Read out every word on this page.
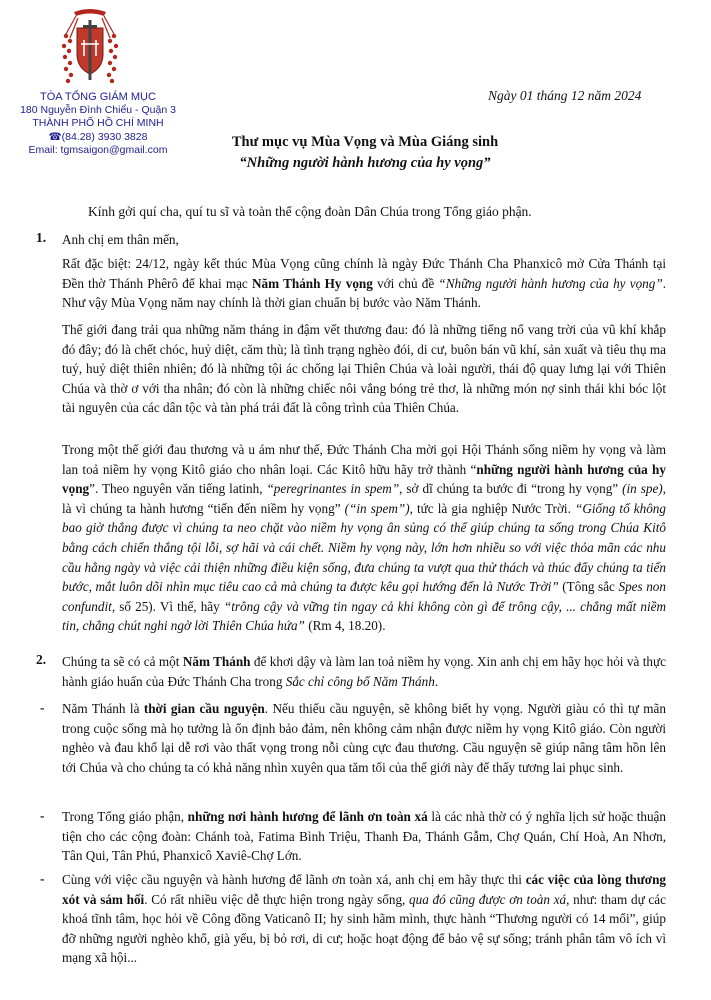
TÒA TỔNG GIÁM MỤC
180 Nguyễn Đình Chiểu - Quận 3
THÀNH PHỐ HỒ CHÍ MINH
☎(84.28) 3930 3828
Email: tgmsaigon@gmail.com
Ngày 01 tháng 12 năm 2024
Thư mục vụ Mùa Vọng và Mùa Giáng sinh
“Những người hành hương của hy vọng”
Kính gởi quí cha, quí tu sĩ và toàn thể cộng đoàn Dân Chúa trong Tổng giáo phận.
1. Anh chị em thân mến,
Rất đặc biệt: 24/12, ngày kết thúc Mùa Vọng cũng chính là ngày Đức Thánh Cha Phanxicô mở Cửa Thánh tại Đền thờ Thánh Phêrô để khai mạc Năm Thánh Hy vọng với chủ đề “Những người hành hương của hy vọng”. Như vậy Mùa Vọng năm nay chính là thời gian chuẩn bị bước vào Năm Thánh.
Thế giới đang trải qua những năm tháng in đậm vết thương đau: đó là những tiếng nổ vang trời của vũ khí khắp đó đây; đó là chết chóc, huỷ diệt, căm thù; là tình trạng nghèo đói, di cư, buôn bán vũ khí, sản xuất và tiêu thụ ma tuý, huỷ diệt thiên nhiên; đó là những tội ác chống lại Thiên Chúa và loài người, thái độ quay lưng lại với Thiên Chúa và thờ ơ với tha nhân; đó còn là những chiếc nôi vắng bóng trẻ thơ, là những món nợ sinh thái khi bóc lột tài nguyên của các dân tộc và tàn phá trái đất là công trình của Thiên Chúa.
Trong một thế giới đau thương và u ám như thế, Đức Thánh Cha mời gọi Hội Thánh sống niềm hy vọng và làm lan toả niềm hy vọng Kitô giáo cho nhân loại. Các Kitô hữu hãy trở thành “những người hành hương của hy vọng”. Theo nguyên văn tiếng latinh, “peregrinantes in spem”, sở dĩ chúng ta bước đi “trong hy vọng” (in spe), là vì chúng ta hành hương “tiến đến niềm hy vọng” (“in spem”), tức là gia nghiệp Nước Trời. “Giống tố không bao giờ thắng được vì chúng ta neo chặt vào niềm hy vọng ân sủng có thể giúp chúng ta sống trong Chúa Kitô bằng cách chiến thắng tội lỗi, sợ hãi và cái chết. Niềm hy vọng này, lớn hơn nhiều so với việc thỏa mãn các nhu cầu hằng ngày và việc cải thiện những điều kiện sống, đưa chúng ta vượt qua thử thách và thúc đẩy chúng ta tiến bước, mắt luôn dõi nhìn mục tiêu cao cả mà chúng ta được kêu gọi hướng đến là Nước Trời” (Tông sắc Spes non confundit, số 25). Vì thế, hãy “trông cậy và vững tin ngay cả khi không còn gì để trông cậy, ... chẳng mất niềm tin, chẳng chút nghi ngờ lời Thiên Chúa hứa” (Rm 4, 18.20).
2. Chúng ta sẽ có cả một Năm Thánh để khơi dậy và làm lan toả niềm hy vọng. Xin anh chị em hãy học hỏi và thực hành giáo huấn của Đức Thánh Cha trong Sắc chỉ công bố Năm Thánh.
- Năm Thánh là thời gian cầu nguyện. Nếu thiếu cầu nguyện, sẽ không biết hy vọng. Người giàu có thì tự mãn trong cuộc sống mà họ tưởng là ổn định bảo đảm, nên không cảm nhận được niềm hy vọng Kitô giáo. Còn người nghèo và đau khổ lại dễ rơi vào thất vọng trong nỗi cùng cực đau thương. Cầu nguyện sẽ giúp nâng tâm hồn lên tới Chúa và cho chúng ta có khả năng nhìn xuyên qua tăm tối của thế giới này để thấy tương lai phục sinh.
- Trong Tổng giáo phận, những nơi hành hương để lãnh ơn toàn xá là các nhà thờ có ý nghĩa lịch sử hoặc thuận tiện cho các cộng đoàn: Chánh toà, Fatima Bình Triệu, Thanh Đa, Thánh Gẫm, Chợ Quán, Chí Hoà, An Nhơn, Tân Qui, Tân Phú, Phanxicô Xaviê-Chợ Lớn.
- Cùng với việc cầu nguyện và hành hương để lãnh ơn toàn xá, anh chị em hãy thực thi các việc của lòng thương xót và sám hối. Có rất nhiều việc dễ thực hiện trong ngày sống, qua đó cũng được ơn toàn xá, như: tham dự các khoá tĩnh tâm, học hỏi về Công đồng Vaticanô II; hy sinh hãm mình, thực hành “Thương người có 14 mối”, giúp đỡ những người nghèo khổ, già yếu, bị bỏ rơi, di cư; hoặc hoạt động để bảo vệ sự sống; tránh phân tâm vô ích vì mạng xã hội...
